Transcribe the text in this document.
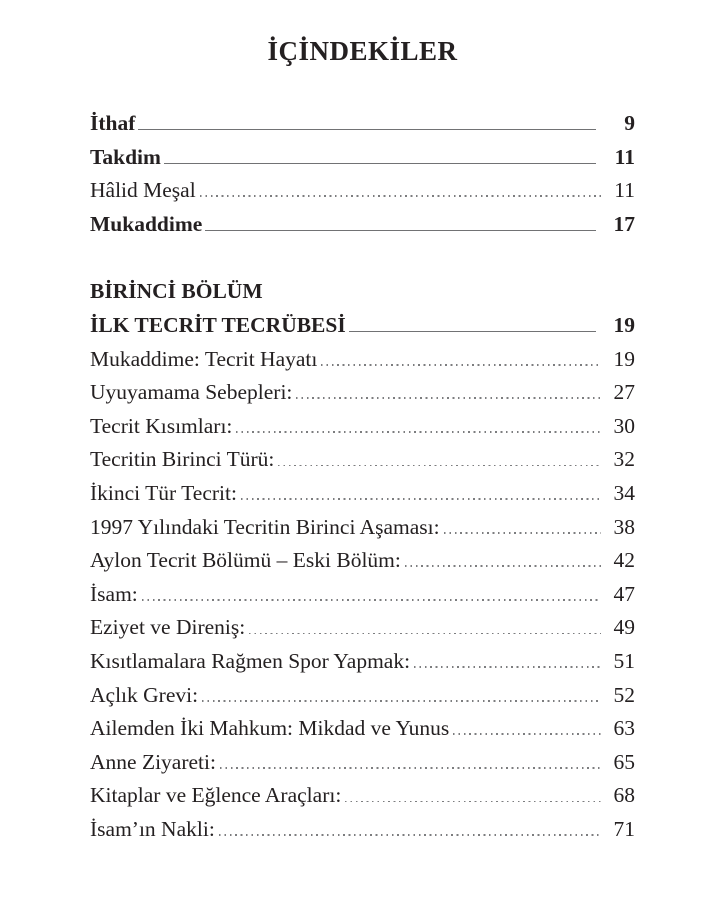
İÇİNDEKİLER
İthaf	9
Takdim	11
Hâlid Meşal	11
Mukaddime	17
BİRİNCİ BÖLÜM
İLK TECRİT TECRÜBESİ	19
Mukaddime: Tecrit Hayatı	19
Uyuyamama Sebepleri:	27
Tecrit Kısımları:	30
Tecritin Birinci Türü:	32
İkinci Tür Tecrit:	34
1997 Yılındaki Tecritin Birinci Aşaması:	38
Aylon Tecrit Bölümü – Eski Bölüm:	42
İsam:	47
Eziyet ve Direniş:	49
Kısıtlamalara Rağmen Spor Yapmak:	51
Açlık Grevi:	52
Ailemden İki Mahkum: Mikdad ve Yunus	63
Anne Ziyareti:	65
Kitaplar ve Eğlence Araçları:	68
İsam’ın Nakli:	71
